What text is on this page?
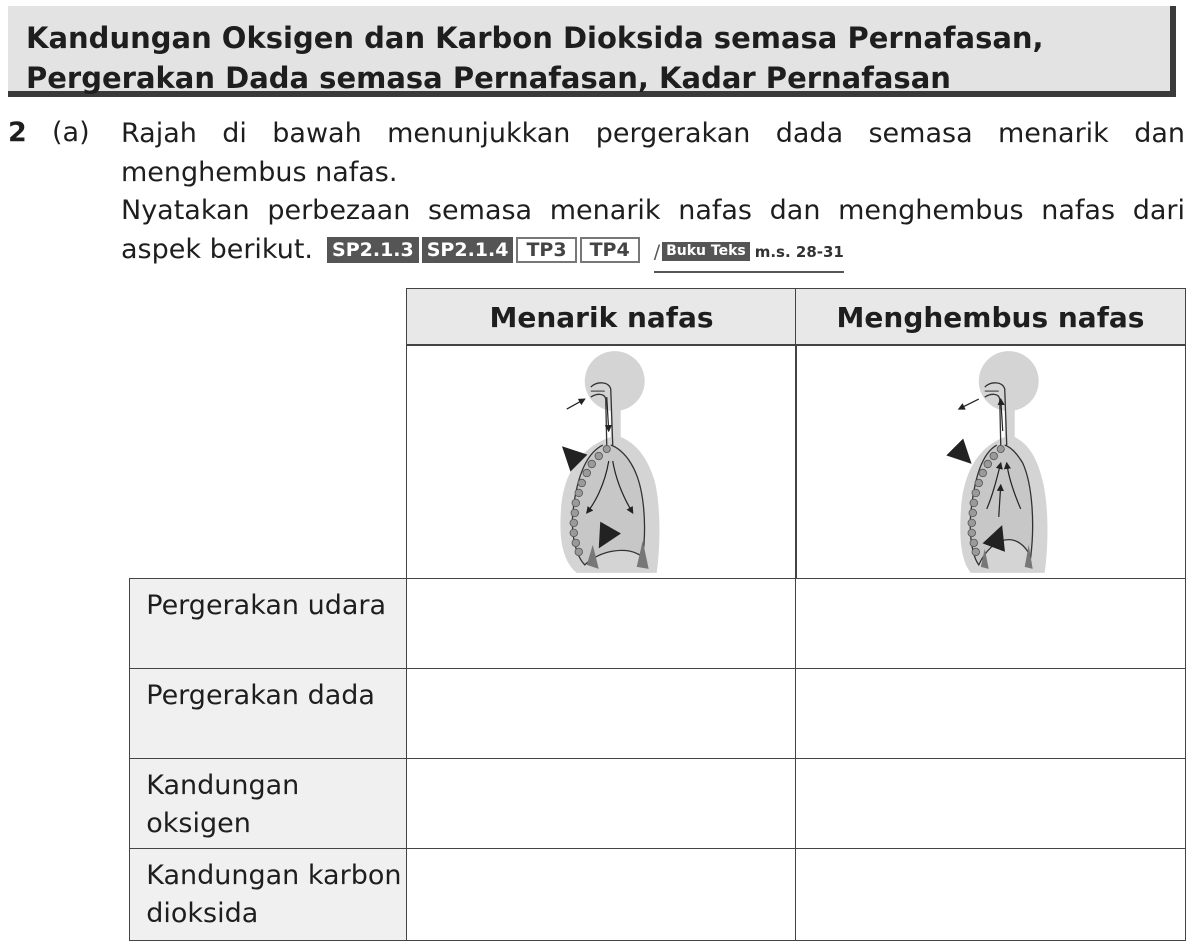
Kandungan Oksigen dan Karbon Dioksida semasa Pernafasan, Pergerakan Dada semasa Pernafasan, Kadar Pernafasan
2 (a) Rajah di bawah menunjukkan pergerakan dada semasa menarik dan menghembus nafas.

Nyatakan perbezaan semasa menarik nafas dan menghembus nafas dari aspek berikut. SP2.1.3 SP2.1.4 TP3	TP4	/ Buku Teks m.s. 28-31

Menarik nafas	Menghembus nafas
Pergerakan udara
Pergerakan dada
Kandungan oksigen
Kandungan karbon dioksida
